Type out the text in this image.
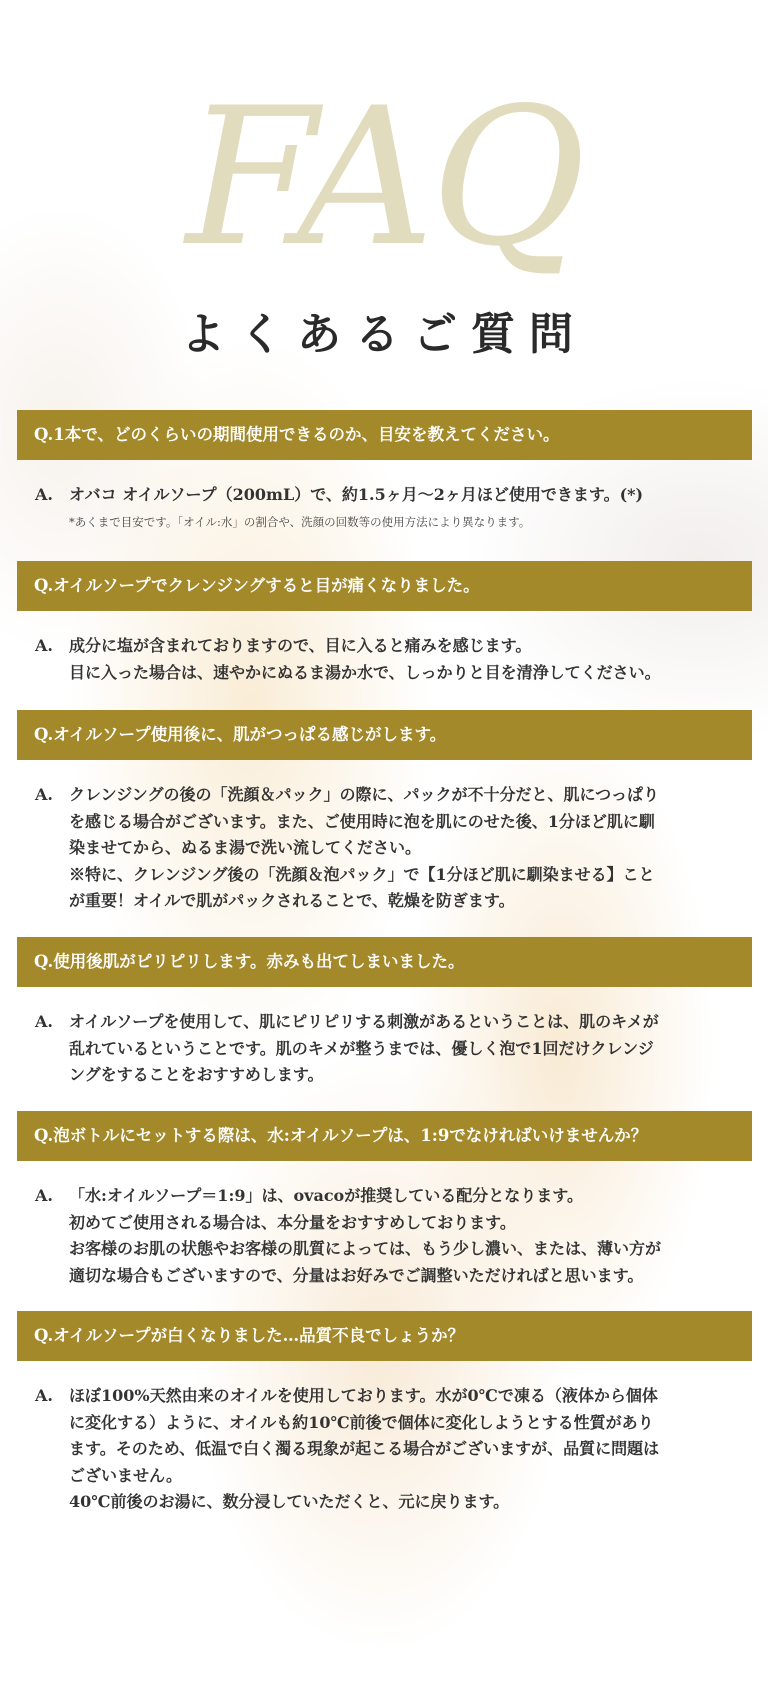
FAQ
よくあるご質問
Q.1本で、どのくらいの期間使用できるのか、目安を教えてください。
A. オバコ オイルソープ（200mL）で、約1.5ヶ月〜2ヶ月ほど使用できます。(*)
*あくまで目安です。「オイル:水」の割合や、洗顔の回数等の使用方法により異なります。
Q.オイルソープでクレンジングすると目が痛くなりました。
A. 成分に塩が含まれておりますので、目に入ると痛みを感じます。
目に入った場合は、速やかにぬるま湯か水で、しっかりと目を清浄してください。
Q.オイルソープ使用後に、肌がつっぱる感じがします。
A. クレンジングの後の「洗顔＆パック」の際に、パックが不十分だと、肌につっぱり
を感じる場合がございます。また、ご使用時に泡を肌にのせた後、1分ほど肌に馴
染ませてから、ぬるま湯で洗い流してください。
※特に、クレンジング後の「洗顔＆泡パック」で【1分ほど肌に馴染ませる】こと
が重要！オイルで肌がパックされることで、乾燥を防ぎます。
Q.使用後肌がピリピリします。赤みも出てしまいました。
A. オイルソープを使用して、肌にピリピリする刺激があるということは、肌のキメが
乱れているということです。肌のキメが整うまでは、優しく泡で1回だけクレンジ
ングをすることをおすすめします。
Q.泡ボトルにセットする際は、水:オイルソープは、1:9でなければいけませんか？
A. 「水:オイルソープ＝1:9」は、ovacoが推奨している配分となります。
初めてご使用される場合は、本分量をおすすめしております。
お客様のお肌の状態やお客様の肌質によっては、もう少し濃い、または、薄い方が
適切な場合もございますので、分量はお好みでご調整いただければと思います。
Q.オイルソープが白くなりました…品質不良でしょうか？
A. ほぼ100%天然由来のオイルを使用しております。水が0℃で凍る（液体から個体
に変化する）ように、オイルも約10℃前後で個体に変化しようとする性質があり
ます。そのため、低温で白く濁る現象が起こる場合がございますが、品質に問題は
ございません。
40℃前後のお湯に、数分浸していただくと、元に戻ります。
